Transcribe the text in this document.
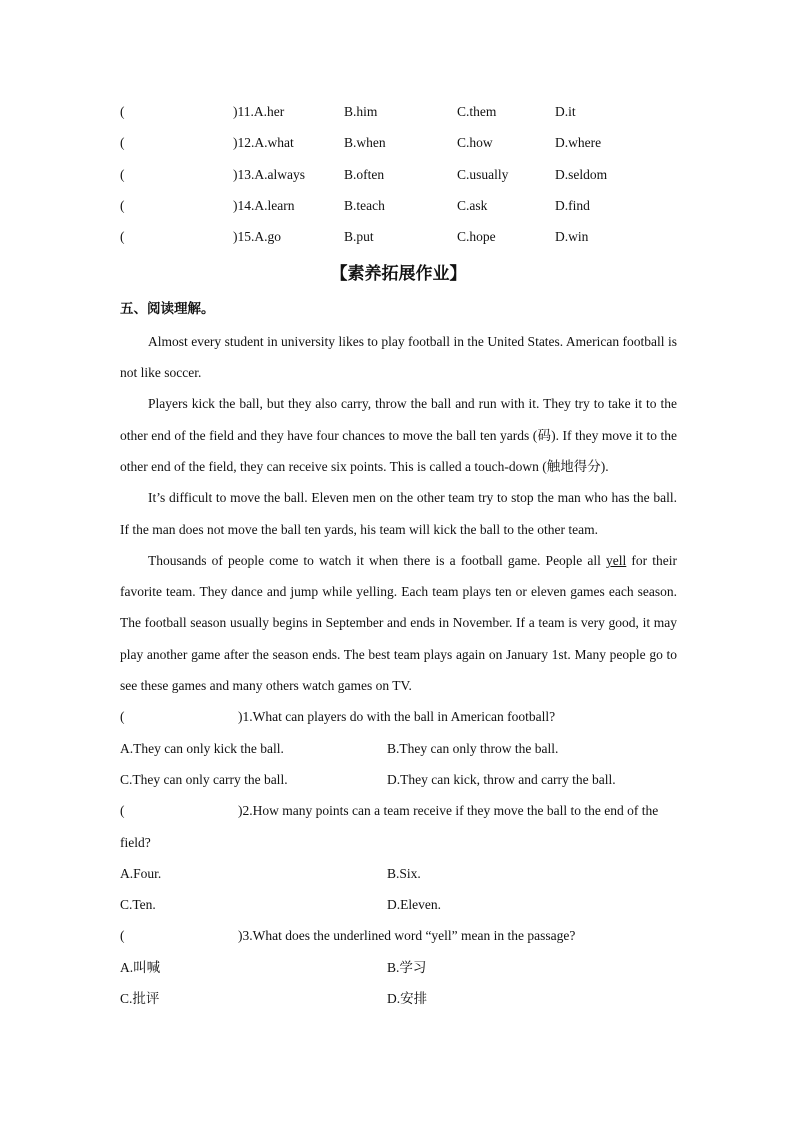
(	)11.A.her	B.him	C.them	D.it
(	)12.A.what	B.when	C.how	D.where
(	)13.A.always	B.often	C.usually	D.seldom
(	)14.A.learn	B.teach	C.ask	D.find
(	)15.A.go	B.put	C.hope	D.win
【素养拓展作业】
五、阅读理解。

Almost every student in university likes to play football in the United States. American football is not like soccer.

Players kick the ball, but they also carry, throw the ball and run with it. They try to take it to the other end of the field and they have four chances to move the ball ten yards (码). If they move it to the other end of the field, they can receive six points. This is called a touch-down (触地得分).

It’s difficult to move the ball. Eleven men on the other team try to stop the man who has the ball. If the man does not move the ball ten yards, his team will kick the ball to the other team.

Thousands of people come to watch it when there is a football game. People all yell for their favorite team. They dance and jump while yelling. Each team plays ten or eleven games each season. The football season usually begins in September and ends in November. If a team is very good, it may play another game after the season ends. The best team plays again on January 1st. Many people go to see these games and many others watch games on TV.

(	)1.What can players do with the ball in American football?
A.They can only kick the ball.	B.They can only throw the ball.
C.They can only carry the ball.	D.They can kick, throw and carry the ball.
(	)2.How many points can a team receive if they move the ball to the end of the
field?
A.Four.	B.Six.
C.Ten.	D.Eleven.
(	)3.What does the underlined word “yell” mean in the passage?
A.叫喊	B.学习
C.批评	D.安排
